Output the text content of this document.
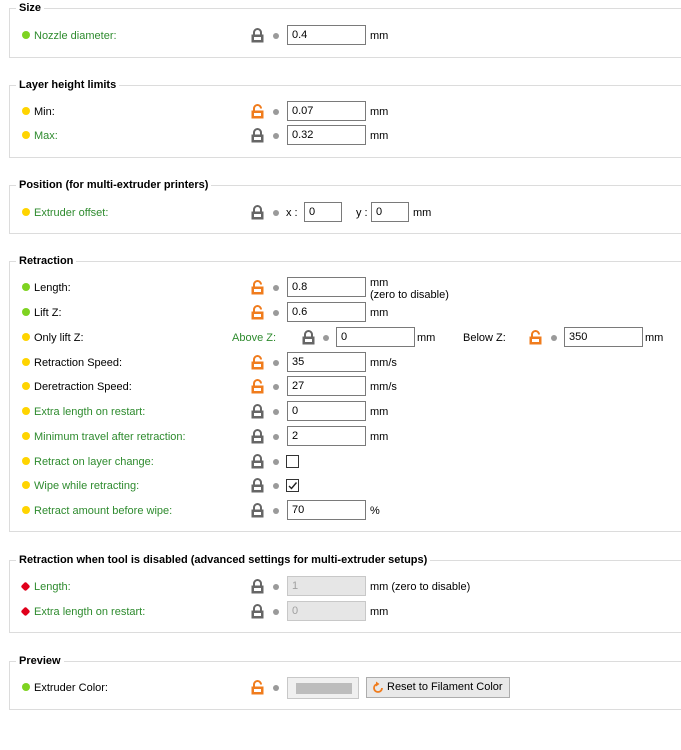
Size
Nozzle diameter:
0.4	mm
Layer height limits
Min:
0.07	mm
Max:
0.32	mm
Position (for multi-extruder printers)
Extruder offset:	x :
0	y :
0	mm
Retraction
Length:
0.8	mm
(zero to disable)
Lift Z:
0.6	mm
Only lift Z:	Above Z:
0	mm	Below Z:
350	mm
Retraction Speed:
35	mm/s
Deretraction Speed:
27	mm/s
Extra length on restart:
0	mm
Minimum travel after retraction:
2	mm
Retract on layer change:
Wipe while retracting:
Retract amount before wipe:
70	%
Retraction when tool is disabled (advanced settings for multi-extruder setups)
Length:
1	mm (zero to disable)
Extra length on restart:
0	mm
Preview
Extruder Color:	Reset to Filament Color
